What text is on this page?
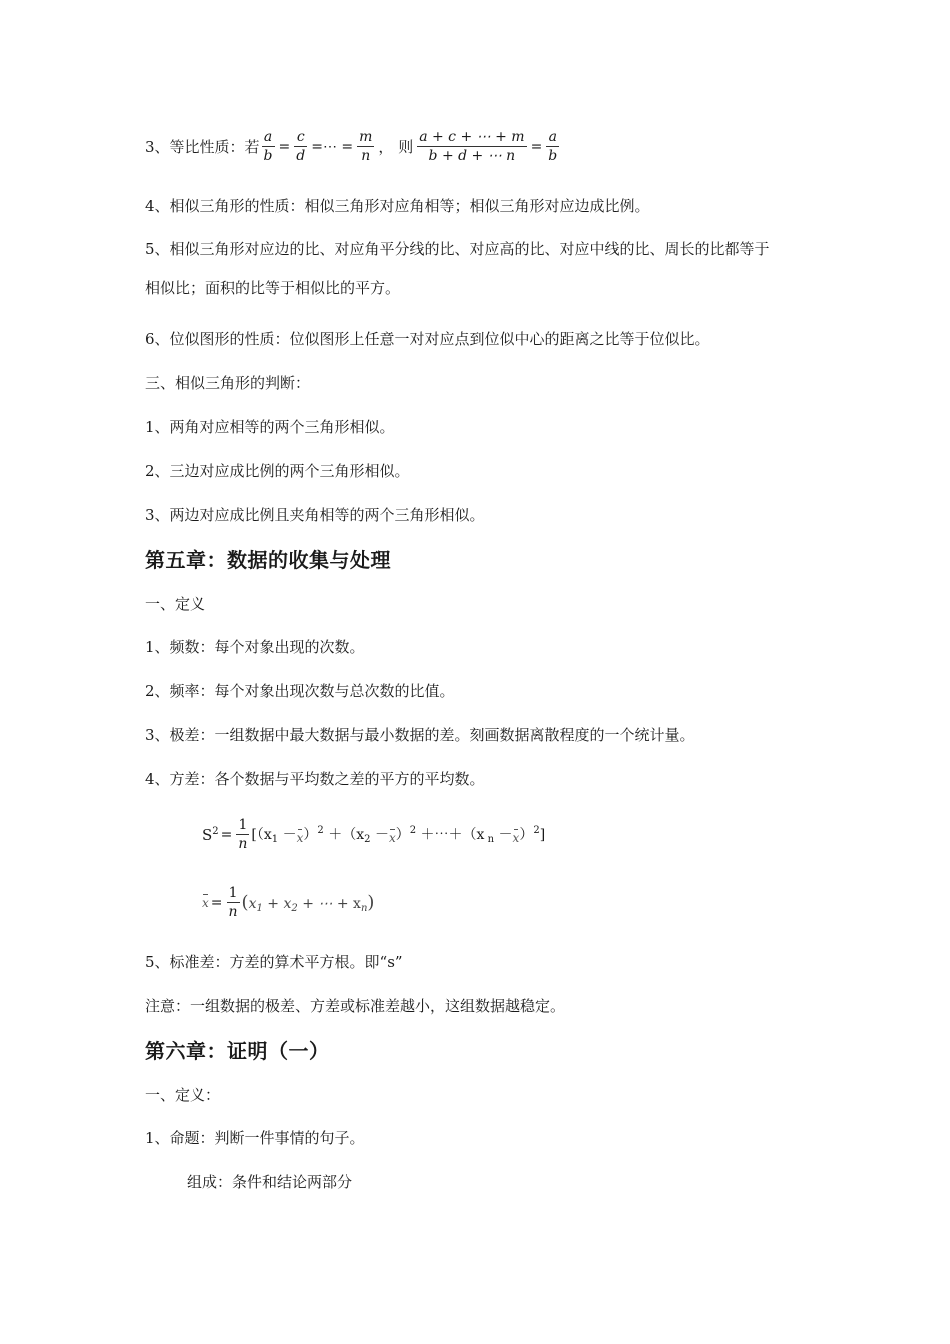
3、等比性质：若 $\frac{a}{b} = \frac{c}{d}$ =⋯ = $\frac{m}{n}$ ， 则 $\frac{a + c + \cdots + m}{b + d + \cdots n} = \frac{a}{b}$
4、相似三角形的性质：相似三角形对应角相等；相似三角形对应边成比例。
5、相似三角形对应边的比、对应角平分线的比、对应高的比、对应中线的比、周长的比都等于
相似比；面积的比等于相似比的平方。
6、位似图形的性质：位似图形上任意一对对应点到位似中心的距离之比等于位似比。
三、相似三角形的判断：
1、两角对应相等的两个三角形相似。
2、三边对应成比例的两个三角形相似。
3、两边对应成比例且夹角相等的两个三角形相似。
第五章：数据的收集与处理
一、定义
1、频数：每个对象出现的次数。
2、频率：每个对象出现次数与总次数的比值。
3、极差：一组数据中最大数据与最小数据的差。刻画数据离散程度的一个统计量。
4、方差：各个数据与平均数之差的平方的平均数。
$S^2= \frac{1}{n} [(x_1 -x)^2 +(x_2 -x)^2$ ＋⋯＋（x $_n$ －x）$^2$]
$x= \frac{1}{n} (x_1 + x_2$ + ⋯ + $x_n$)
5、标准差：方差的算术平方根。即“s”
注意：一组数据的极差、方差或标准差越小，这组数据越稳定。
第六章：证明（一）
一、定义：
1、命题：判断一件事情的句子。
组成：条件和结论两部分
